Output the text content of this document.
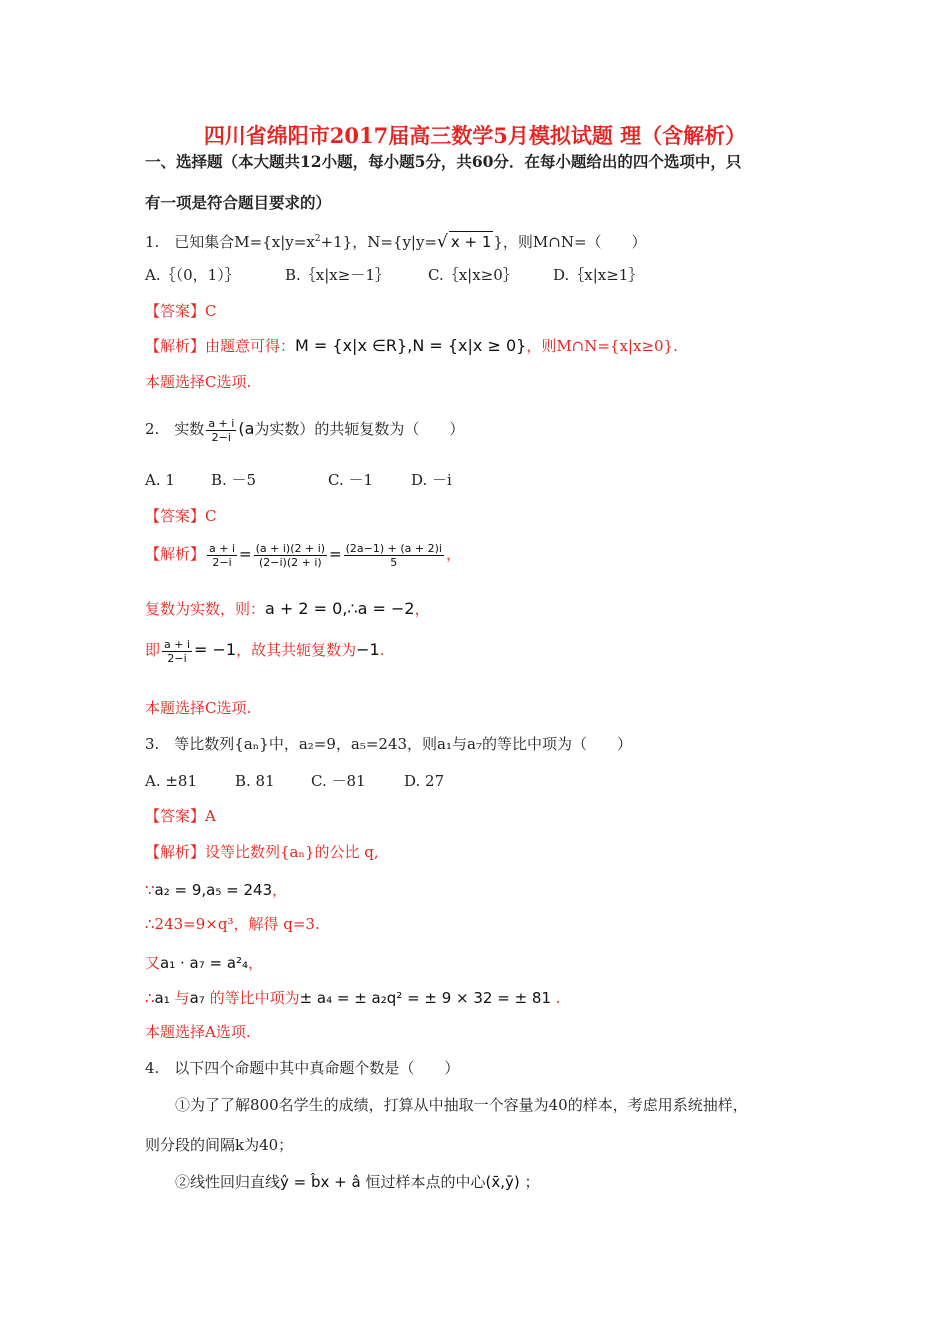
四川省绵阳市2017届高三数学5月模拟试题 理（含解析）
一、选择题（本大题共12小题，每小题5分，共60分．在每小题给出的四个选项中，只
有一项是符合题目要求的）
1.　已知集合$M=\{x|y=x^2+1\}$，N={y|y=√ x + 1 }，则M∩N=（　　）
A.｛（0，1）｝	B.｛x|x≥－1｝	C.｛x|x≥0｝ D.｛x|x≥1｝
【答案】C
【解析】由题意可得：M = {x|x ∈R},N = {x|x ≥ 0}，则M∩N={x|x≥0}.
本题选择C选项.
2.　实数 $\frac{a + i}{2-i} (a$为实数）的共轭复数为（　　）
A. 1 B. －5	C. －1	D. －i
【答案】C
【解析】 $\frac{a + i}{2-i} = \frac{(a + i)(2 + i)}{(2-i)(2 + i)} = \frac{(2a-1) + (a + 2)i}{5}$ ，
复数为实数，则：a + 2 = 0,∴a = −2，
即 $\frac{a + i}{2-i} = -1$，故其共轭复数为−1.
本题选择C选项.
3.　等比数列{aₙ}中，a₂=9，a₅=243，则a₁与a₇的等比中项为（　　）
A. ±81	B. 81 C. －81	D. 27
【答案】A
【解析】设等比数列{aₙ}的公比 q,
∵a₂ = 9,a₅ = 243，
∴243=9×q³，解得 q=3.
又a₁ · a₇ = a²₄，
∴a₁ 与a₇ 的等比中项为± a₄ = ± a₂q² = ± 9 × 32 = ± 81 .
本题选择A选项.
4.　以下四个命题中其中真命题个数是（　　）
①为了了解800名学生的成绩，打算从中抽取一个容量为40的样本，考虑用系统抽样，
则分段的间隔k为40；
②线性回归直线ŷ = b̂x + â 恒过样本点的中心(x̄,ȳ) ；
